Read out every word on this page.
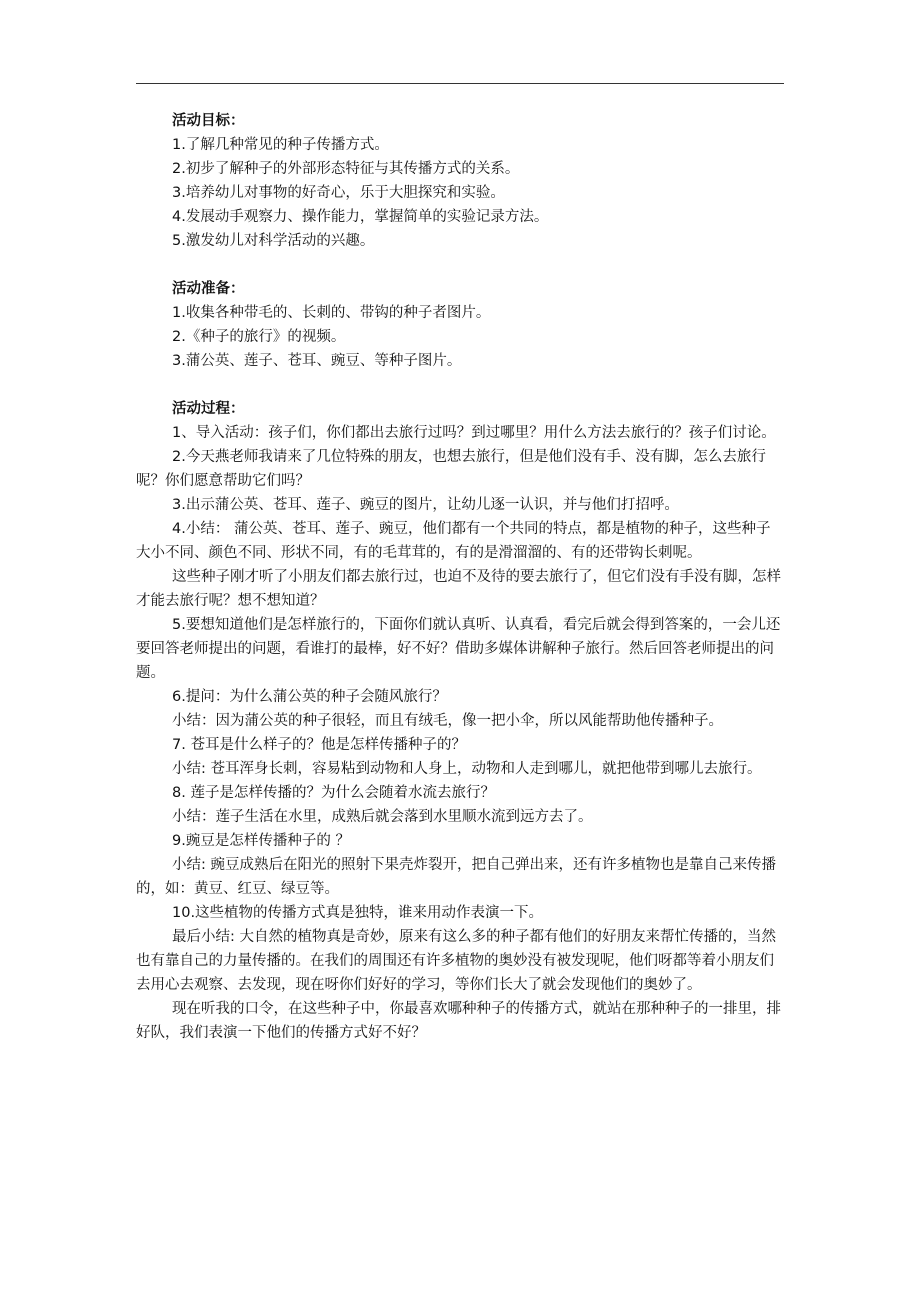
活动目标：

1.了解几种常见的种子传播方式。

2.初步了解种子的外部形态特征与其传播方式的关系。

3.培养幼儿对事物的好奇心，乐于大胆探究和实验。

4.发展动手观察力、操作能力，掌握简单的实验记录方法。

5.激发幼儿对科学活动的兴趣。

活动准备：

1.收集各种带毛的、长刺的、带钩的种子者图片。

2.《种子的旅行》的视频。

3.蒲公英、莲子、苍耳、豌豆、等种子图片。

活动过程：

1、导入活动：孩子们，你们都出去旅行过吗？到过哪里？用什么方法去旅行的？孩子们讨论。

2.今天燕老师我请来了几位特殊的朋友，也想去旅行，但是他们没有手、没有脚，怎么去旅行呢？你们愿意帮助它们吗？

3.出示蒲公英、苍耳、莲子、豌豆的图片，让幼儿逐一认识，并与他们打招呼。

4.小结： 蒲公英、苍耳、莲子、豌豆，他们都有一个共同的特点，都是植物的种子，这些种子大小不同、颜色不同、形状不同，有的毛茸茸的，有的是滑溜溜的、有的还带钩长刺呢。

这些种子刚才听了小朋友们都去旅行过，也迫不及待的要去旅行了，但它们没有手没有脚，怎样才能去旅行呢？想不想知道？

5.要想知道他们是怎样旅行的，下面你们就认真听、认真看，看完后就会得到答案的，一会儿还要回答老师提出的问题，看谁打的最棒，好不好？借助多媒体讲解种子旅行。然后回答老师提出的问题。

6.提问：为什么蒲公英的种子会随风旅行？

小结：因为蒲公英的种子很轻，而且有绒毛，像一把小伞，所以风能帮助他传播种子。

7. 苍耳是什么样子的？他是怎样传播种子的？

小结: 苍耳浑身长刺，容易粘到动物和人身上，动物和人走到哪儿，就把他带到哪儿去旅行。

8. 莲子是怎样传播的？为什么会随着水流去旅行？

小结：莲子生活在水里，成熟后就会落到水里顺水流到远方去了。

9.豌豆是怎样传播种子的 ？

小结: 豌豆成熟后在阳光的照射下果壳炸裂开，把自己弹出来，还有许多植物也是靠自己来传播的，如：黄豆、红豆、绿豆等。

10.这些植物的传播方式真是独特，谁来用动作表演一下。

最后小结: 大自然的植物真是奇妙，原来有这么多的种子都有他们的好朋友来帮忙传播的，当然也有靠自己的力量传播的。在我们的周围还有许多植物的奥妙没有被发现呢，他们呀都等着小朋友们去用心去观察、去发现，现在呀你们好好的学习，等你们长大了就会发现他们的奥妙了。

现在听我的口令，在这些种子中，你最喜欢哪种种子的传播方式，就站在那种种子的一排里，排好队，我们表演一下他们的传播方式好不好？
